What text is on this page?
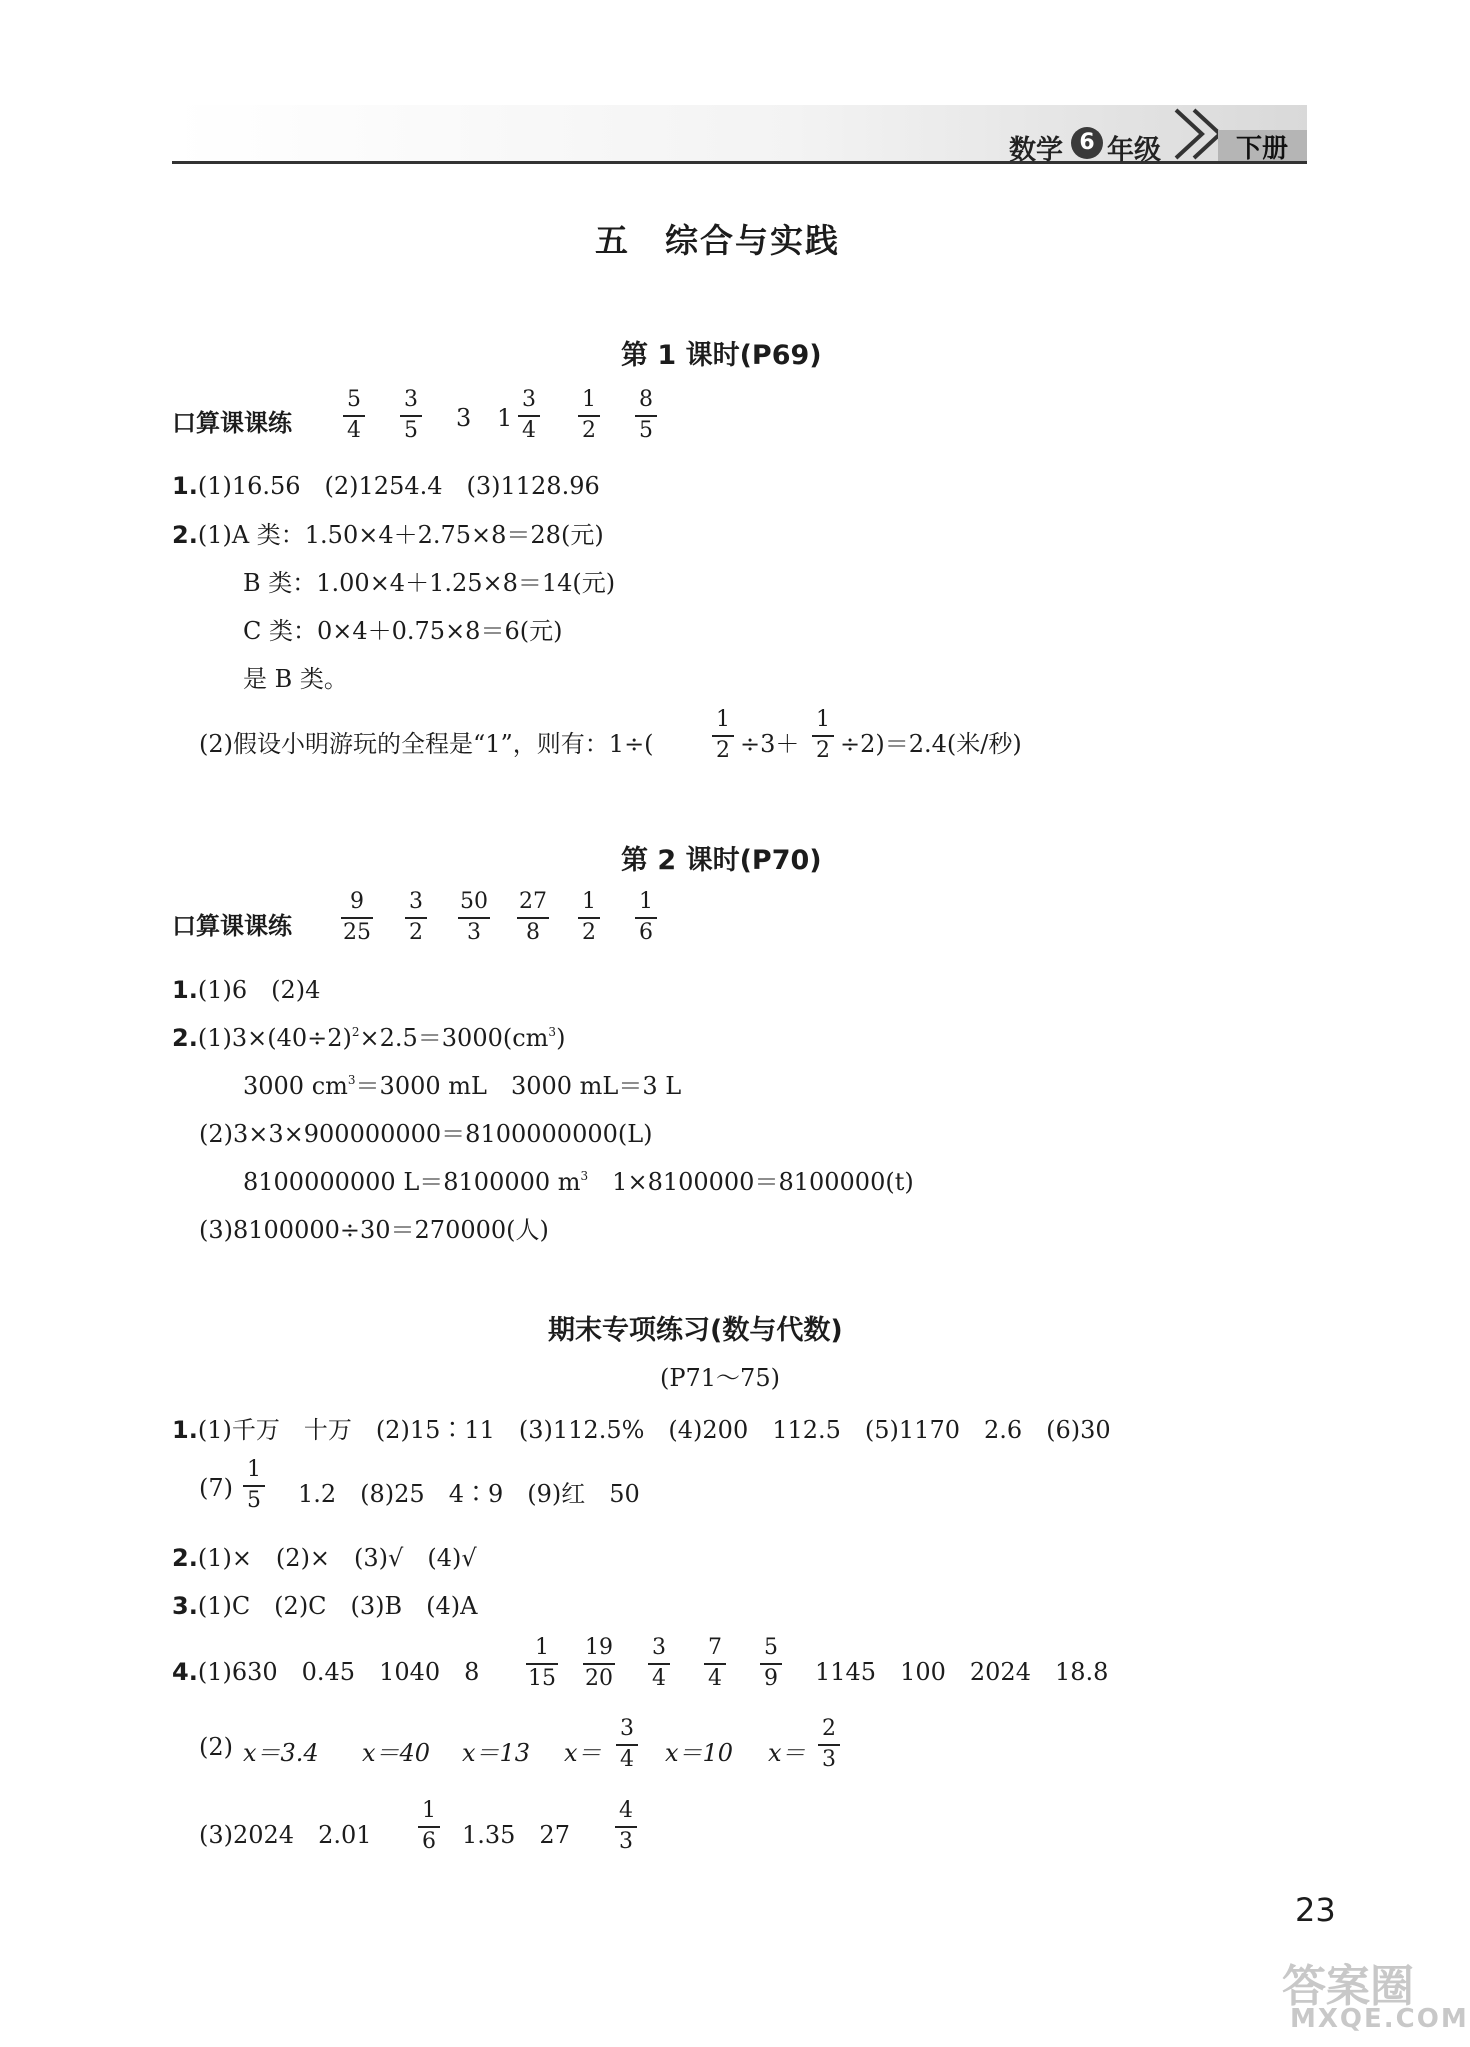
数学 6 年级	下册
五　综合与实践
第 1 课时(P69)
口算课课练
5
4
3
5 3 1
3
4
1
2
8
5
1.(1)16.56　(2)1254.4　(3)1128.96
2.(1)A 类：1.50×4＋2.75×8＝28(元)
B 类：1.00×4＋1.25×8＝14(元)
C 类：0×4＋0.75×8＝6(元)
是 B 类。
(2)假设小明游玩的全程是“1”，则有：1÷(
1
2 ÷3＋
1
2 ÷2)＝2.4(米/秒)
第 2 课时(P70)
口算课课练
9
25
3
2
50
3
27
8
1
2
1
6
1.(1)6　(2)4
$2.(1)3\times(40\div 2)^2\times 2.5=3000(cm^3)$
3000 $cm^3=3000$ mL　3000 mL＝3 L
(2)3×3×900000000＝8100000000(L)
8100000000 L＝8100000 $m^3$　1×8100000＝8100000(t)
(3)8100000÷30＝270000(人)
期末专项练习(数与代数)
(P71～75)
1.(1)千万　十万　(2)15∶11　(3)112.5%　(4)200　112.5　(5)1170　2.6　(6)30
(7)
1
5 1.2　(8)25　4∶9　(9)红　50
2.(1)×　(2)×　(3)√　(4)√
3.(1)C　(2)C　(3)B　(4)A
4.(1)630　0.45　1040　8
1
15
19
20
3
4
7
4
5
9 1145　100　2024　18.8
(2) x＝3.4 x＝40 x＝13 x＝
3
4 x＝10 x＝
2
3
(3)2024　2.01
1
6 1.35　27
4
3
23
答案圈
MXQE.COM
